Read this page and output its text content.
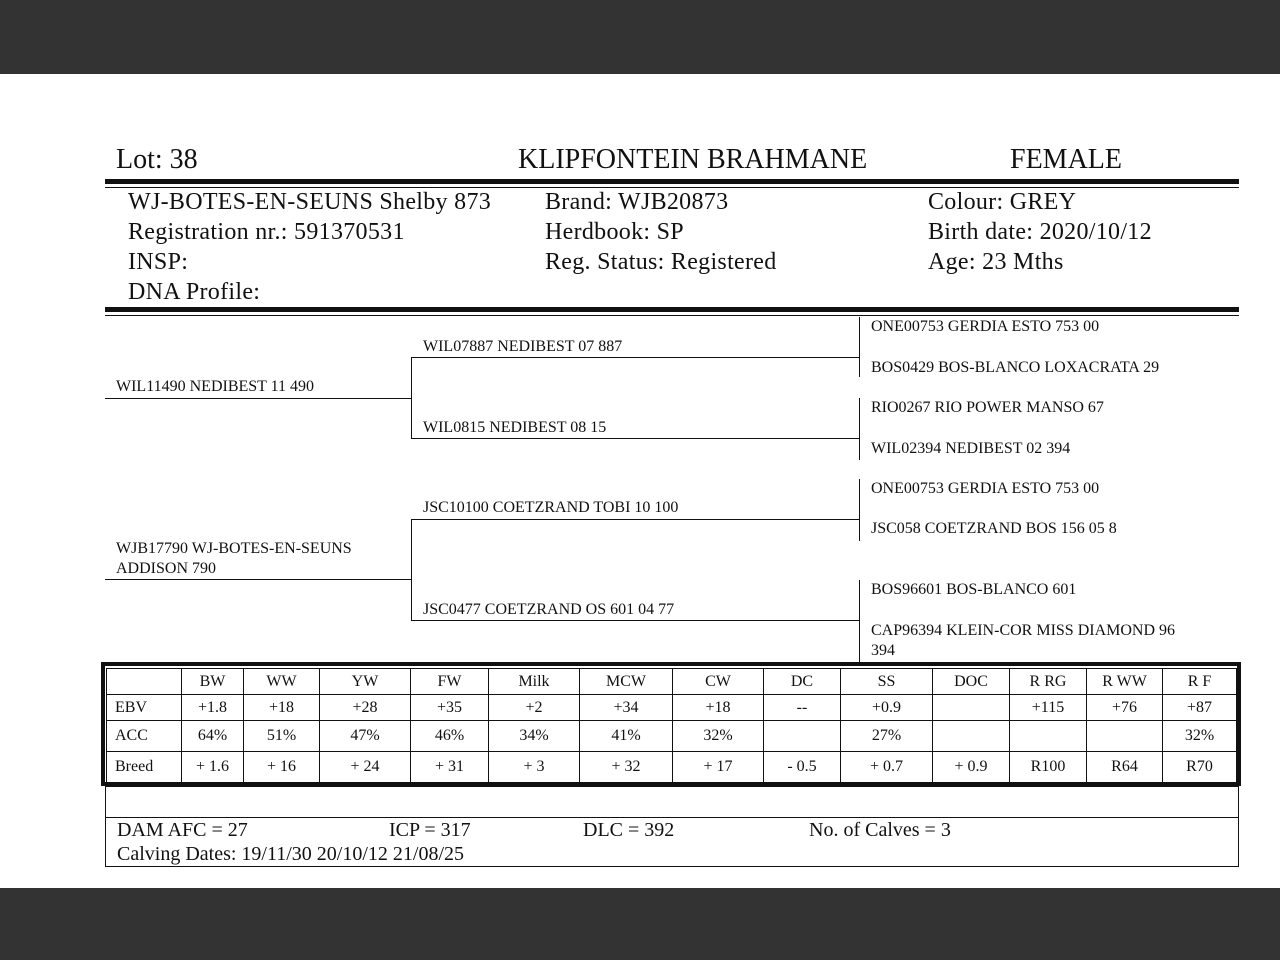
Lot: 38	KLIPFONTEIN BRAHMANE	FEMALE
WJ-BOTES-EN-SEUNS Shelby 873
Registration nr.: 591370531
INSP:
DNA Profile:
Brand: WJB20873
Herdbook: SP
Reg. Status: Registered
Colour: GREY
Birth date: 2020/10/12
Age: 23 Mths
WIL11490 NEDIBEST 11 490
WIL07887 NEDIBEST 07 887
WIL0815 NEDIBEST 08 15
ONE00753 GERDIA ESTO 753 00
BOS0429 BOS-BLANCO LOXACRATA 29
RIO0267 RIO POWER MANSO 67
WIL02394 NEDIBEST 02 394
WJB17790 WJ-BOTES-EN-SEUNS
ADDISON 790
JSC10100 COETZRAND TOBI 10 100
JSC0477 COETZRAND OS 601 04 77
ONE00753 GERDIA ESTO 753 00
JSC058 COETZRAND BOS 156 05 8
BOS96601 BOS-BLANCO 601
CAP96394 KLEIN-COR MISS DIAMOND 96
394
	BW	WW	YW	FW	Milk	MCW	CW	DC	SS	DOC	R RG	R WW	R F
EBV	+1.8	+18	+28	+35	+2	+34	+18	--	+0.9		+115	+76	+87
ACC	64%	51%	47%	46%	34%	41%	32%		27%				32%
Breed	+ 1.6	+ 16	+ 24	+ 31	+ 3	+ 32	+ 17	- 0.5	+ 0.7	+ 0.9	R100	R64	R70
DAM AFC = 27	ICP = 317	DLC = 392	No. of Calves = 3
Calving Dates: 19/11/30 20/10/12 21/08/25
